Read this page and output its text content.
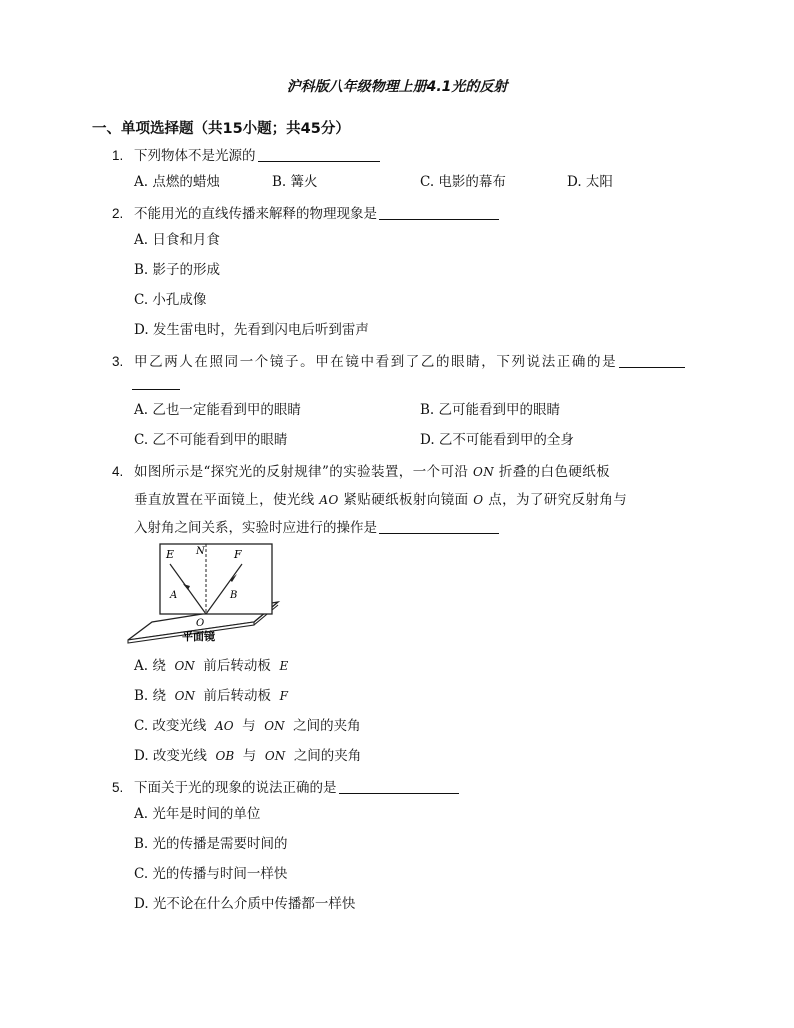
沪科版八年级物理上册4.1光的反射
一、单项选择题（共15小题；共45分）
1. 下列物体不是光源的
A. 点燃的蜡烛	B. 篝火	C. 电影的幕布	D. 太阳
2. 不能用光的直线传播来解释的物理现象是
A. 日食和月食
B. 影子的形成
C. 小孔成像
D. 发生雷电时，先看到闪电后听到雷声
3. 甲乙两人在照同一个镜子。甲在镜中看到了乙的眼睛，下列说法正确的是
A. 乙也一定能看到甲的眼睛	B. 乙可能看到甲的眼睛
C. 乙不可能看到甲的眼睛	D. 乙不可能看到甲的全身
4. 如图所示是“探究光的反射规律”的实验装置，一个可沿 ON 折叠的白色硬纸板
垂直放置在平面镜上，使光线 AO 紧贴硬纸板射向镜面 O 点，为了研究反射角与
入射角之间关系，实验时应进行的操作是
E N	F
A	B
O
平面镜
A. 绕 ON 前后转动板 E
B. 绕 ON 前后转动板 F
C. 改变光线 AO 与 ON 之间的夹角
D. 改变光线 OB 与 ON 之间的夹角
5. 下面关于光的现象的说法正确的是
A. 光年是时间的单位
B. 光的传播是需要时间的
C. 光的传播与时间一样快
D. 光不论在什么介质中传播都一样快
